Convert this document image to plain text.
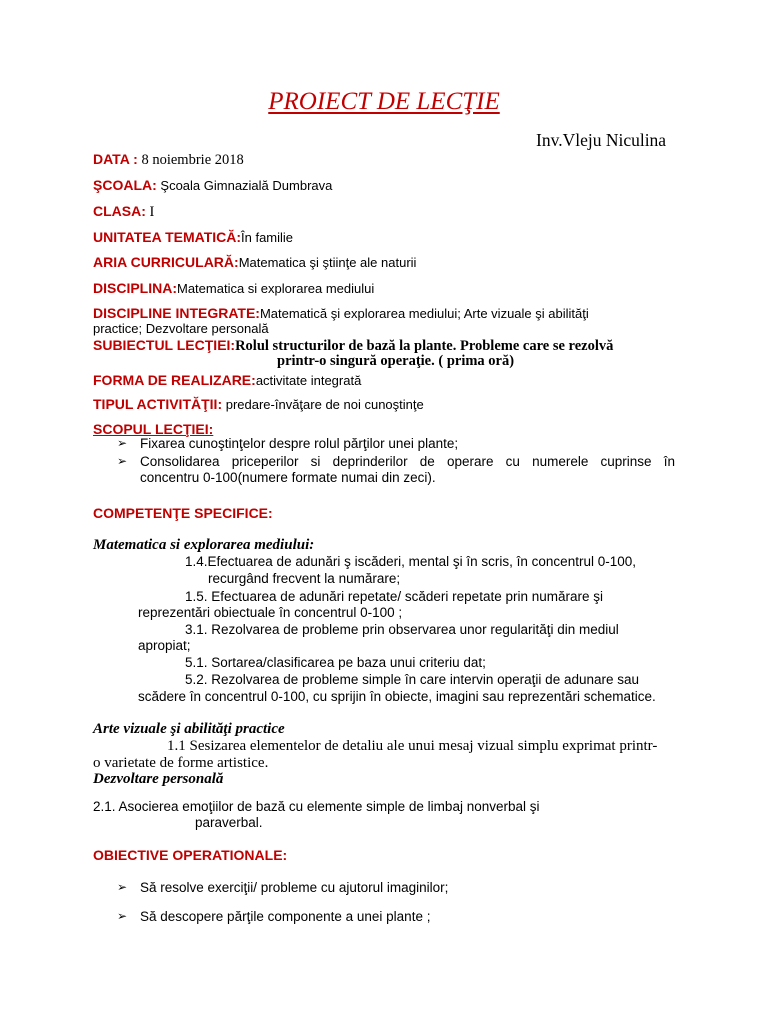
PROIECT DE LECŢIE
Inv.Vleju Niculina
DATA : 8 noiembrie 2018
ŞCOALA: Şcoala Gimnazială Dumbrava
CLASA: I
UNITATEA TEMATICĂ:În familie
ARIA CURRICULARĂ:Matematica şi ştiinţe ale naturii
DISCIPLINA:Matematica si explorarea mediului
DISCIPLINE INTEGRATE:Matematică şi explorarea mediului; Arte vizuale şi abilităţi
practice; Dezvoltare personală
SUBIECTUL LECŢIEI:Rolul structurilor de bază la plante. Probleme care se rezolvă
printr-o singură operaţie. ( prima oră)
FORMA DE REALIZARE:activitate integrată
TIPUL ACTIVITĂŢII: predare-învăţare de noi cunoştinţe
SCOPUL LECŢIEI:
➢ Fixarea cunoştinţelor despre rolul părţilor unei plante;
➢ Consolidarea priceperilor si deprinderilor de operare cu numerele cuprinse în
concentru 0-100(numere formate numai din zeci).
COMPETENŢE SPECIFICE:
Matematica si explorarea mediului:
1.4.Efectuarea de adunări ş iscăderi, mental şi în scris, în concentrul 0-100,
recurgând frecvent la numărare;
1.5. Efectuarea de adunări repetate/ scăderi repetate prin numărare şi
reprezentări obiectuale în concentrul 0-100 ;
3.1. Rezolvarea de probleme prin observarea unor regularităţi din mediul
apropiat;
5.1. Sortarea/clasificarea pe baza unui criteriu dat;
5.2. Rezolvarea de probleme simple în care intervin operaţii de adunare sau
scădere în concentrul 0-100, cu sprijin în obiecte, imagini sau reprezentări schematice.
Arte vizuale şi abilităţi practice
1.1 Sesizarea elementelor de detaliu ale unui mesaj vizual simplu exprimat printr-
o varietate de forme artistice.
Dezvoltare personală
2.1. Asocierea emoţiilor de bază cu elemente simple de limbaj nonverbal şi
paraverbal.
OBIECTIVE OPERATIONALE:
➢ Să resolve exerciţii/ probleme cu ajutorul imaginilor;
➢ Să descopere părţile componente a unei plante ;
